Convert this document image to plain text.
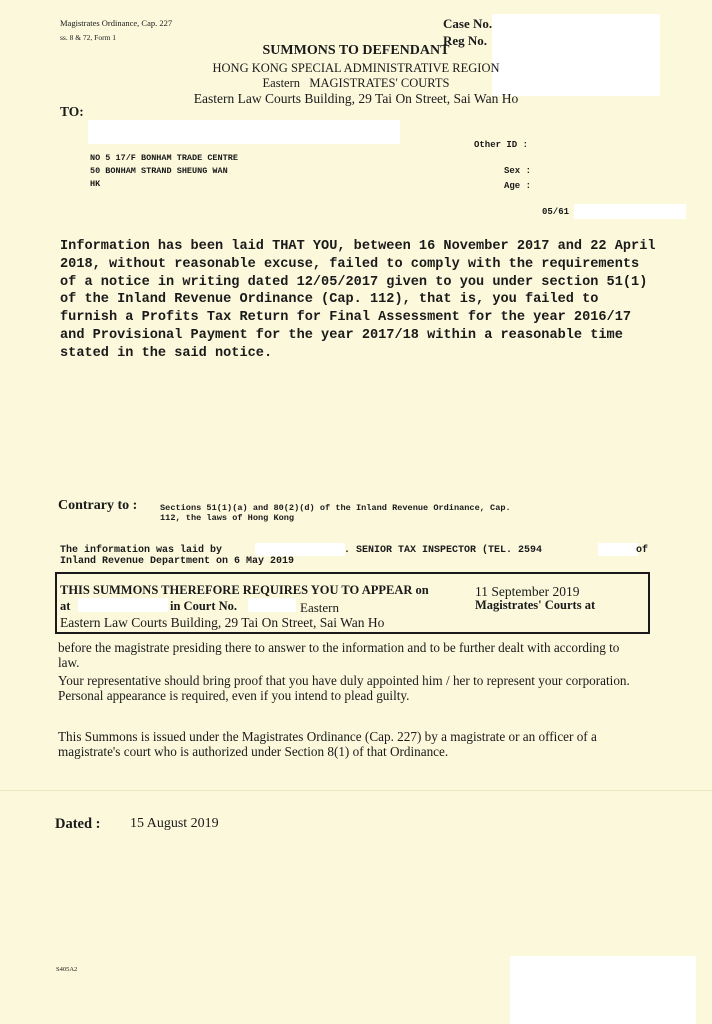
Magistrates Ordinance, Cap. 227
ss. 8 & 72, Form 1
Case No.
Reg No.
SUMMONS TO DEFENDANT
HONG KONG SPECIAL ADMINISTRATIVE REGION
Eastern MAGISTRATES' COURTS
Eastern Law Courts Building, 29 Tai On Street, Sai Wan Ho
TO:
NO 5 17/F BONHAM TRADE CENTRE
50 BONHAM STRAND SHEUNG WAN
HK
Other ID :
Sex :
Age :
05/61
Information has been laid THAT YOU, between 16 November 2017 and 22 April 2018, without reasonable excuse, failed to comply with the requirements of a notice in writing dated 12/05/2017 given to you under section 51(1) of the Inland Revenue Ordinance (Cap. 112), that is, you failed to furnish a Profits Tax Return for Final Assessment for the year 2016/17 and Provisional Payment for the year 2017/18 within a reasonable time stated in the said notice.
Contrary to :	Sections 51(1)(a) and 80(2)(d) of the Inland Revenue Ordinance, Cap.
112, the laws of Hong Kong
The information was laid by	. SENIOR TAX INSPECTOR (TEL. 2594	of
Inland Revenue Department on 6 May 2019
THIS SUMMONS THEREFORE REQUIRES YOU TO APPEAR on	11 September 2019
at	in Court No.	Eastern	Magistrates' Courts at
Eastern Law Courts Building, 29 Tai On Street, Sai Wan Ho
before the magistrate presiding there to answer to the information and to be further dealt with according to law.
Your representative should bring proof that you have duly appointed him / her to represent your corporation. Personal appearance is required, even if you intend to plead guilty.
This Summons is issued under the Magistrates Ordinance (Cap. 227) by a magistrate or an officer of a magistrate's court who is authorized under Section 8(1) of that Ordinance.
Dated : 15 August 2019
S405A2
